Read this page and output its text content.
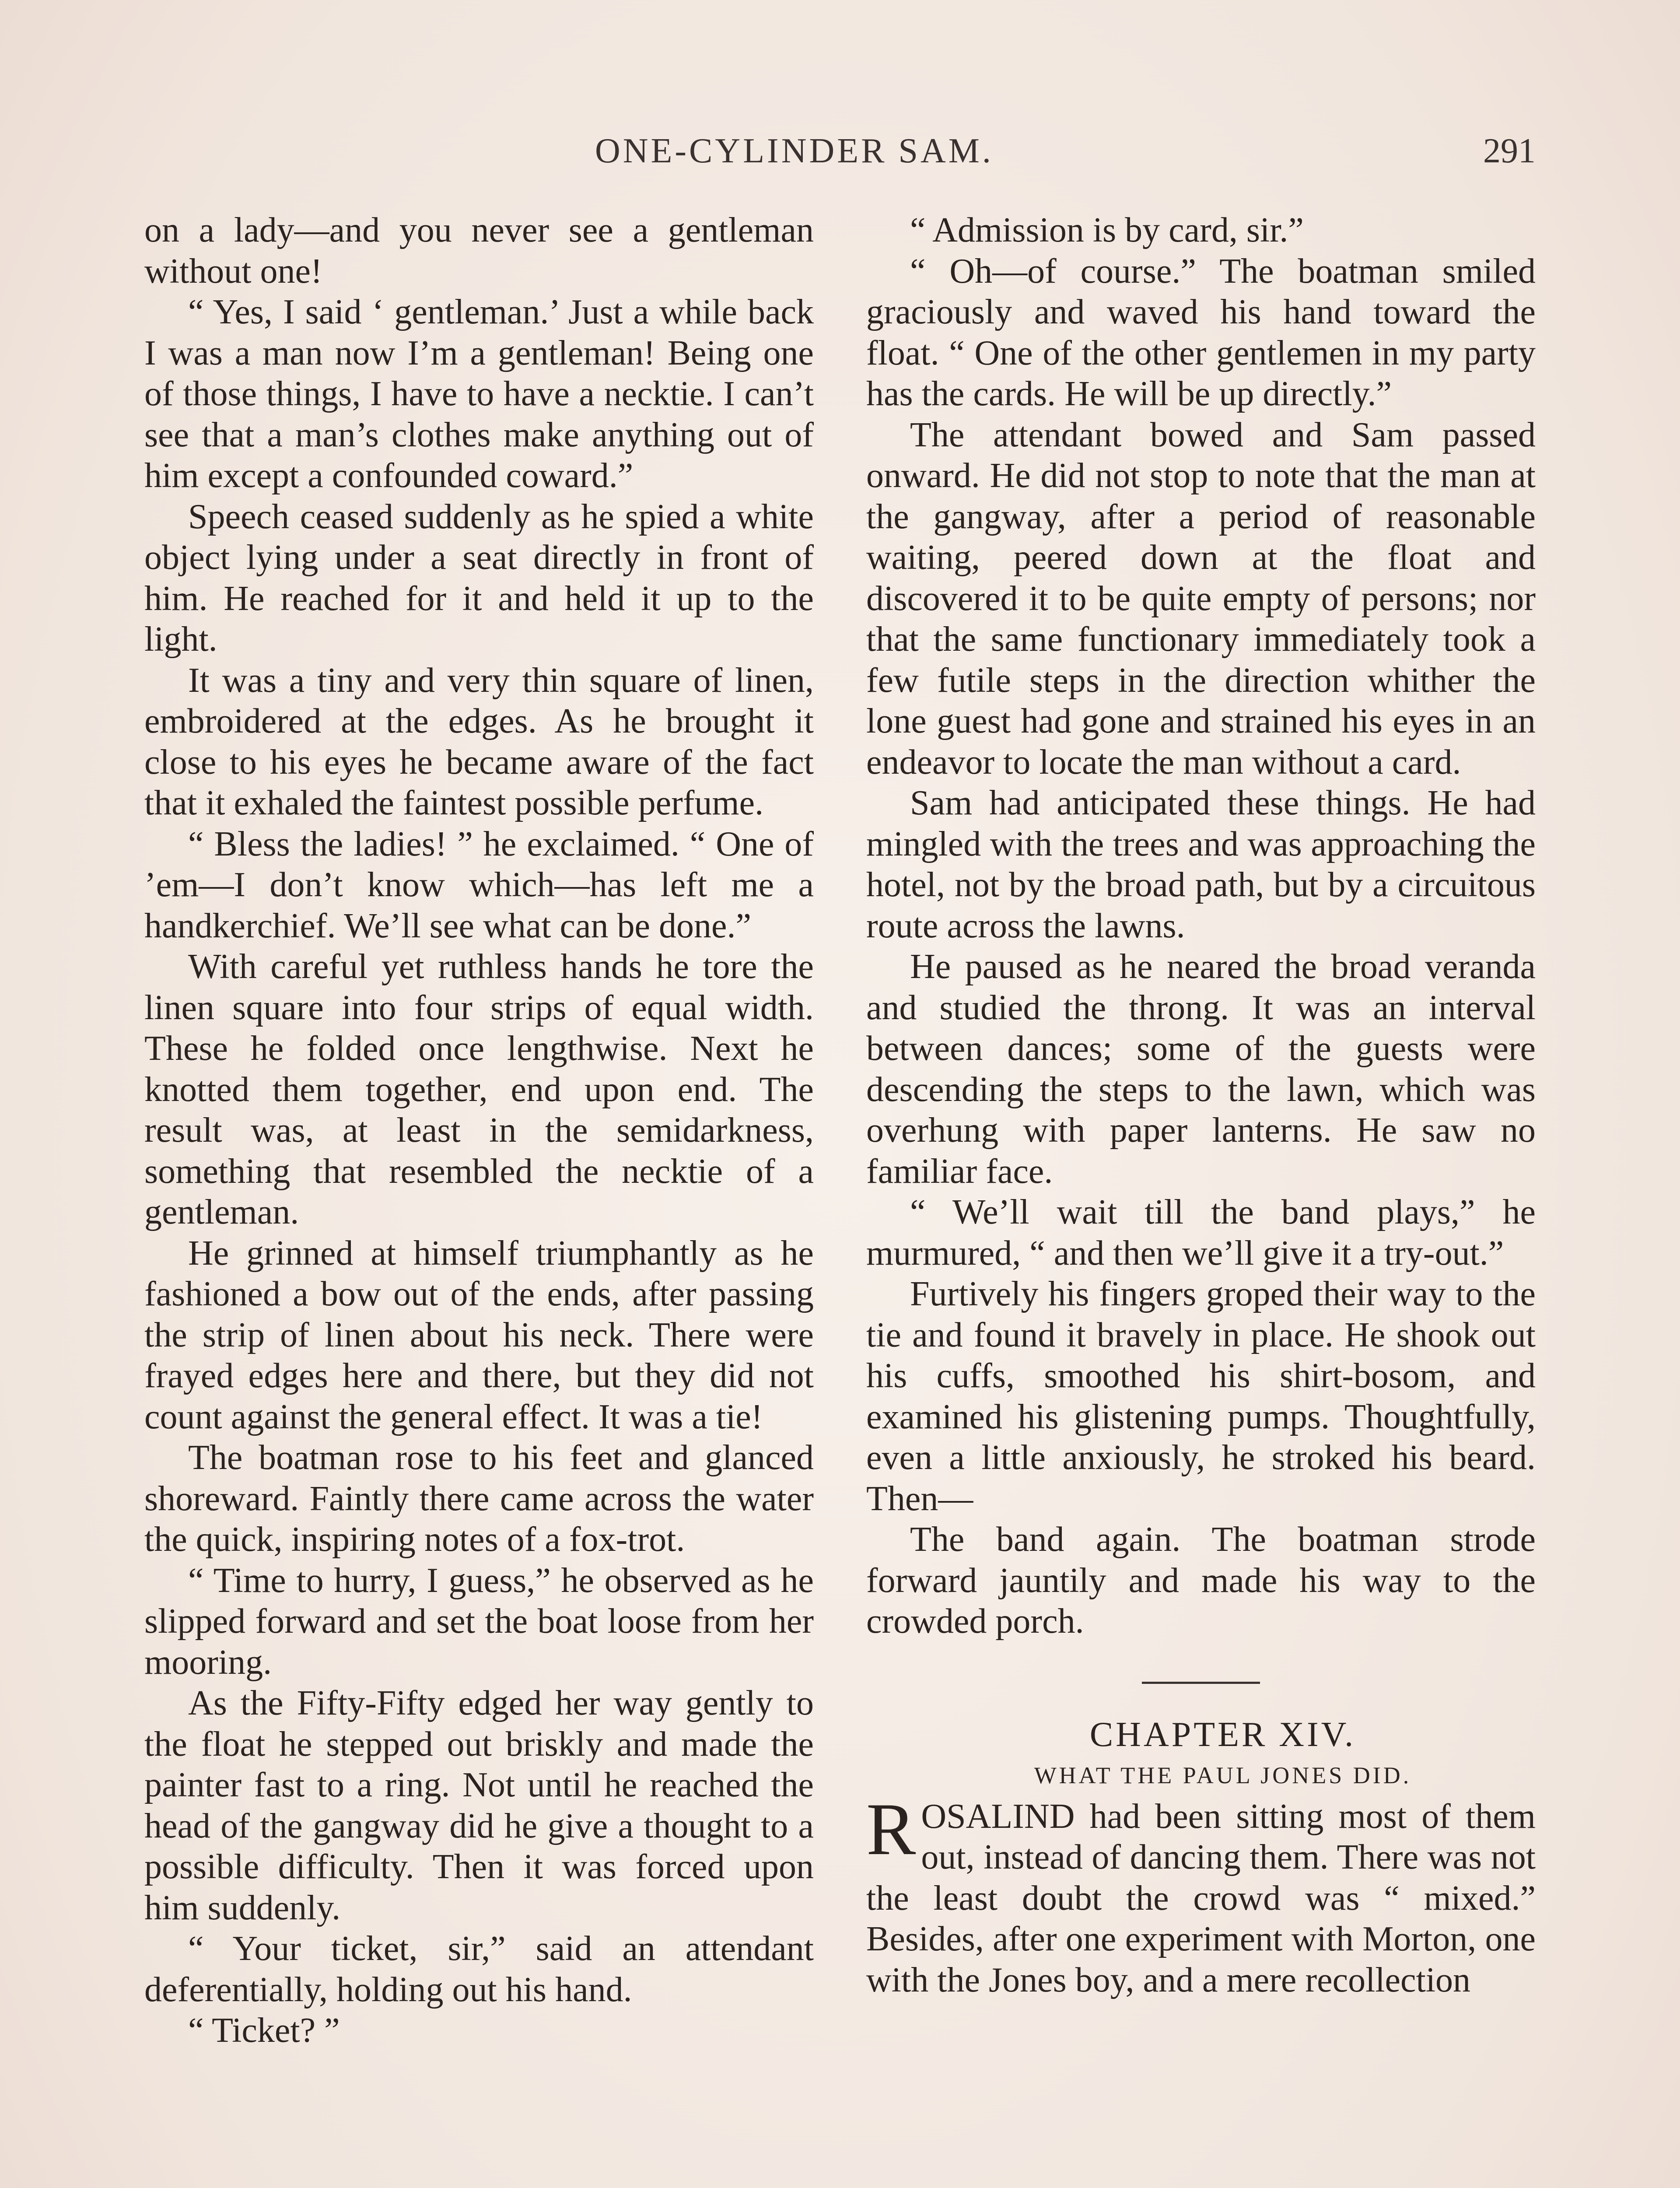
ONE-CYLINDER SAM.	291

on a lady—and you never see a gentleman without one!

“ Yes, I said ‘ gentleman.’ Just a while back I was a man now I’m a gentleman! Being one of those things, I have to have a necktie. I can’t see that a man’s clothes make anything out of him except a confounded coward.”

Speech ceased suddenly as he spied a white object lying under a seat directly in front of him. He reached for it and held it up to the light.

It was a tiny and very thin square of linen, embroidered at the edges. As he brought it close to his eyes he became aware of the fact that it exhaled the faintest possible perfume.

“ Bless the ladies! ” he exclaimed. “ One of ’em—I don’t know which—has left me a handkerchief. We’ll see what can be done.”

With careful yet ruthless hands he tore the linen square into four strips of equal width. These he folded once lengthwise. Next he knotted them together, end upon end. The result was, at least in the semidarkness, something that resembled the necktie of a gentleman.

He grinned at himself triumphantly as he fashioned a bow out of the ends, after passing the strip of linen about his neck. There were frayed edges here and there, but they did not count against the general effect. It was a tie!

The boatman rose to his feet and glanced shoreward. Faintly there came across the water the quick, inspiring notes of a fox-trot.

“ Time to hurry, I guess,” he observed as he slipped forward and set the boat loose from her mooring.

As the Fifty-Fifty edged her way gently to the float he stepped out briskly and made the painter fast to a ring. Not until he reached the head of the gangway did he give a thought to a possible difficulty. Then it was forced upon him suddenly.

“ Your ticket, sir,” said an attendant deferentially, holding out his hand.

“ Ticket? ”

“ Admission is by card, sir.”

“ Oh—of course.” The boatman smiled graciously and waved his hand toward the float. “ One of the other gentlemen in my party has the cards. He will be up directly.”

The attendant bowed and Sam passed onward. He did not stop to note that the man at the gangway, after a period of reasonable waiting, peered down at the float and discovered it to be quite empty of persons; nor that the same functionary immediately took a few futile steps in the direction whither the lone guest had gone and strained his eyes in an endeavor to locate the man without a card.

Sam had anticipated these things. He had mingled with the trees and was approaching the hotel, not by the broad path, but by a circuitous route across the lawns.

He paused as he neared the broad veranda and studied the throng. It was an interval between dances; some of the guests were descending the steps to the lawn, which was overhung with paper lanterns. He saw no familiar face.

“ We’ll wait till the band plays,” he murmured, “ and then we’ll give it a try-out.”

Furtively his fingers groped their way to the tie and found it bravely in place. He shook out his cuffs, smoothed his shirt-bosom, and examined his glistening pumps. Thoughtfully, even a little anxiously, he stroked his beard. Then—

The band again. The boatman strode forward jauntily and made his way to the crowded porch.

CHAPTER XIV.

WHAT THE PAUL JONES DID.

ROSALIND had been sitting most of them out, instead of dancing them. There was not the least doubt the crowd was “ mixed.” Besides, after one experiment with Morton, one with the Jones boy, and a mere recollection
